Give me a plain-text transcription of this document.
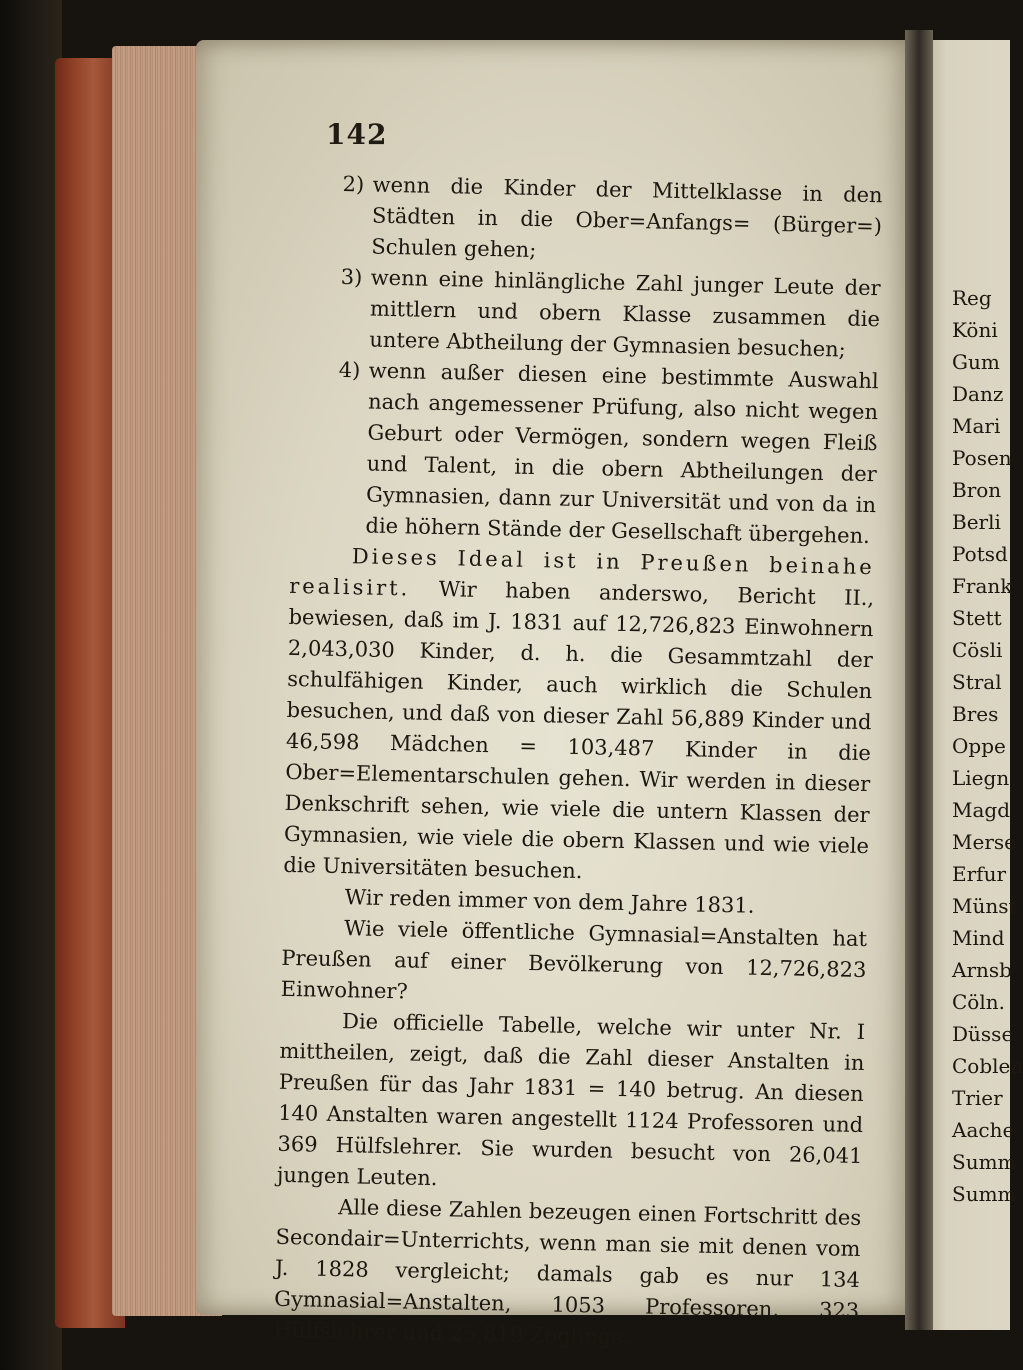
142

2) wenn die Kinder der Mittelklasse in den Städten in die Ober=Anfangs= (Bürger=) Schulen gehen;

3) wenn eine hinlängliche Zahl junger Leute der mittlern und obern Klasse zusammen die untere Abtheilung der Gymnasien besuchen;

4) wenn außer diesen eine bestimmte Auswahl nach angemessener Prüfung, also nicht wegen Geburt oder Vermögen, sondern wegen Fleiß und Talent, in die obern Abtheilungen der Gymnasien, dann zur Universität und von da in die höhern Stände der Gesellschaft übergehen.

Dieses Ideal ist in Preußen beinahe realisirt. Wir haben anderswo, Bericht II., bewiesen, daß im J. 1831 auf 12,726,823 Einwohnern 2,043,030 Kinder, d. h. die Gesammtzahl der schulfähigen Kinder, auch wirklich die Schulen besuchen, und daß von dieser Zahl 56,889 Kinder und 46,598 Mädchen = 103,487 Kinder in die Ober=Elementarschulen gehen. Wir werden in dieser Denkschrift sehen, wie viele die untern Klassen der Gymnasien, wie viele die obern Klassen und wie viele die Universitäten besuchen.

Wir reden immer von dem Jahre 1831.

Wie viele öffentliche Gymnasial=Anstalten hat Preußen auf einer Bevölkerung von 12,726,823 Einwohner?

Die officielle Tabelle, welche wir unter Nr. I mittheilen, zeigt, daß die Zahl dieser Anstalten in Preußen für das Jahr 1831 = 140 betrug. An diesen 140 Anstalten waren angestellt 1124 Professoren und 369 Hülfslehrer. Sie wurden besucht von 26,041 jungen Leuten.

Alle diese Zahlen bezeugen einen Fortschritt des Secondair=Unterrichts, wenn man sie mit denen vom J. 1828 vergleicht; damals gab es nur 134 Gymnasial=Anstalten, 1053 Professoren, 323 Hülfslehrer und 25,819 Zöglinge.

Reg
Köni
Gum
Danz
Mari
Posen
Bron
Berli
Potsd
Frank
Stett
Cösli
Stral
Bres
Oppe
Liegn
Magd
Merse
Erfur
Münst
Mind
Arnsb
Cöln.
Düsse
Coblen
Trier
Aache
Summ
Summ
